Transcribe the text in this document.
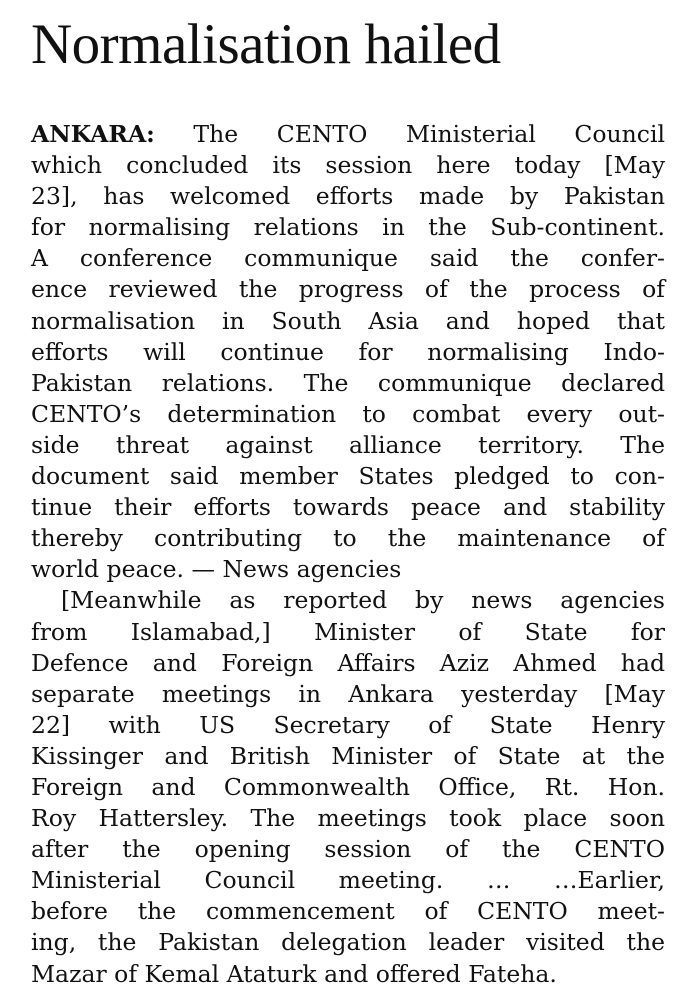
Normalisation hailed
ANKARA: The CENTO Ministerial Council
which concluded its session here today [May
23], has welcomed efforts made by Pakistan
for normalising relations in the Sub-continent.
A conference communique said the confer-
ence reviewed the progress of the process of
normalisation in South Asia and hoped that
efforts will continue for normalising Indo-
Pakistan relations. The communique declared
CENTO’s determination to combat every out-
side threat against alliance territory. The
document said member States pledged to con-
tinue their efforts towards peace and stability
thereby contributing to the maintenance of
world peace. — News agencies
[Meanwhile as reported by news agencies
from Islamabad,] Minister of State for
Defence and Foreign Affairs Aziz Ahmed had
separate meetings in Ankara yesterday [May
22] with US Secretary of State Henry
Kissinger and British Minister of State at the
Foreign and Commonwealth Office, Rt. Hon.
Roy Hattersley. The meetings took place soon
after the opening session of the CENTO
Ministerial Council meeting. … …Earlier,
before the commencement of CENTO meet-
ing, the Pakistan delegation leader visited the
Mazar of Kemal Ataturk and offered Fateha.
